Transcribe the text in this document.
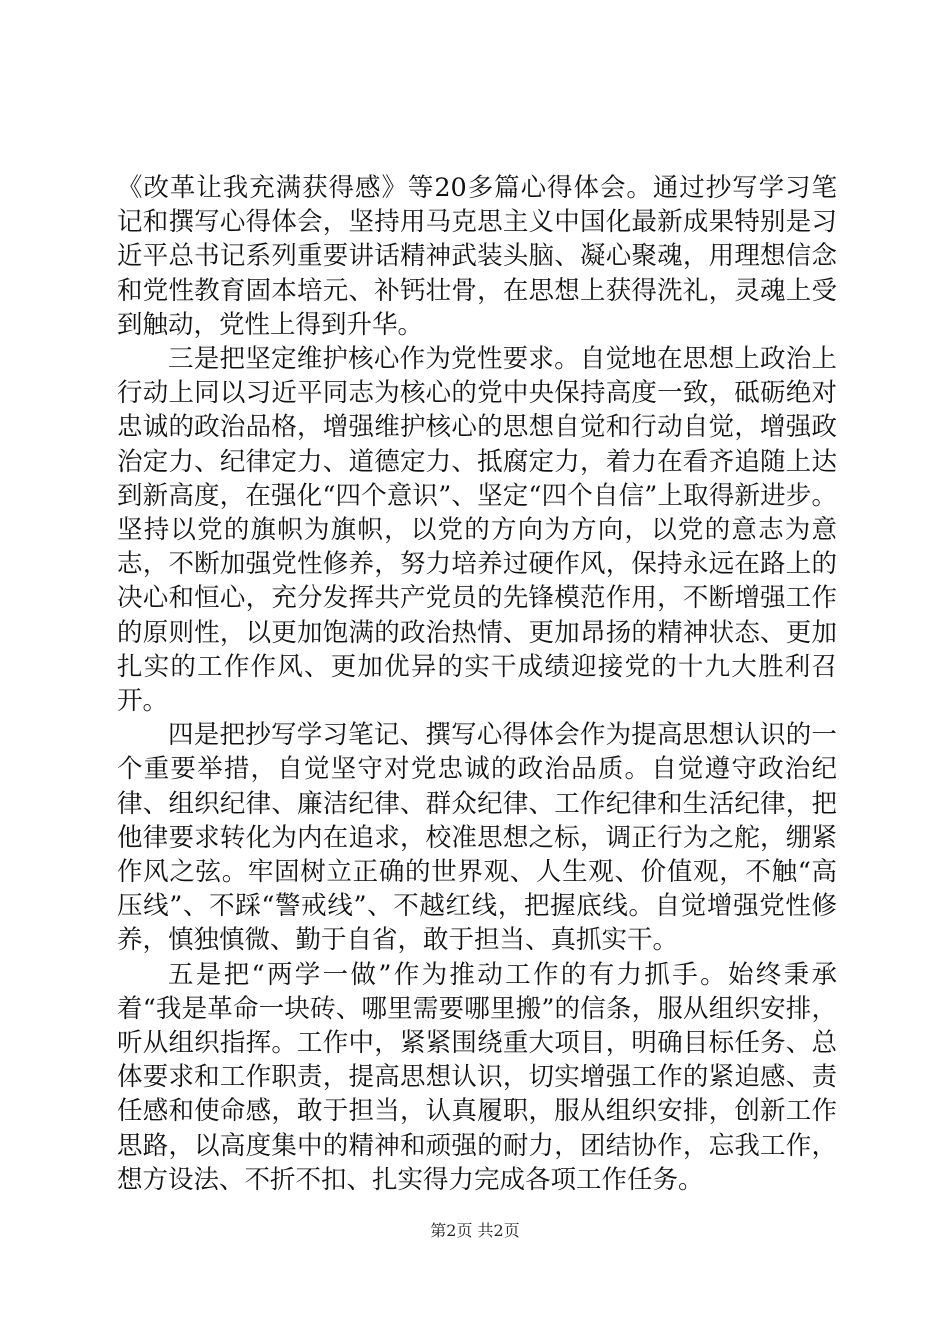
《改革让我充满获得感》等20多篇心得体会。通过抄写学习笔记和撰写心得体会，坚持用马克思主义中国化最新成果特别是习近平总书记系列重要讲话精神武装头脑、凝心聚魂，用理想信念和党性教育固本培元、补钙壮骨，在思想上获得洗礼，灵魂上受到触动，党性上得到升华。

三是把坚定维护核心作为党性要求。自觉地在思想上政治上行动上同以习近平同志为核心的党中央保持高度一致，砥砺绝对忠诚的政治品格，增强维护核心的思想自觉和行动自觉，增强政治定力、纪律定力、道德定力、抵腐定力，着力在看齐追随上达到新高度，在强化“四个意识”、坚定“四个自信”上取得新进步。坚持以党的旗帜为旗帜，以党的方向为方向，以党的意志为意志，不断加强党性修养，努力培养过硬作风，保持永远在路上的决心和恒心，充分发挥共产党员的先锋模范作用，不断增强工作的原则性，以更加饱满的政治热情、更加昂扬的精神状态、更加扎实的工作作风、更加优异的实干成绩迎接党的十九大胜利召开。

四是把抄写学习笔记、撰写心得体会作为提高思想认识的一个重要举措，自觉坚守对党忠诚的政治品质。自觉遵守政治纪律、组织纪律、廉洁纪律、群众纪律、工作纪律和生活纪律，把他律要求转化为内在追求，校准思想之标，调正行为之舵，绷紧作风之弦。牢固树立正确的世界观、人生观、价值观，不触“高压线”、不踩“警戒线”、不越红线，把握底线。自觉增强党性修养，慎独慎微、勤于自省，敢于担当、真抓实干。

五是把“两学一做”作为推动工作的有力抓手。始终秉承着“我是革命一块砖、哪里需要哪里搬”的信条，服从组织安排，听从组织指挥。工作中，紧紧围绕重大项目，明确目标任务、总体要求和工作职责，提高思想认识，切实增强工作的紧迫感、责任感和使命感，敢于担当，认真履职，服从组织安排，创新工作思路，以高度集中的精神和顽强的耐力，团结协作，忘我工作，想方设法、不折不扣、扎实得力完成各项工作任务。

第2页 共2页
